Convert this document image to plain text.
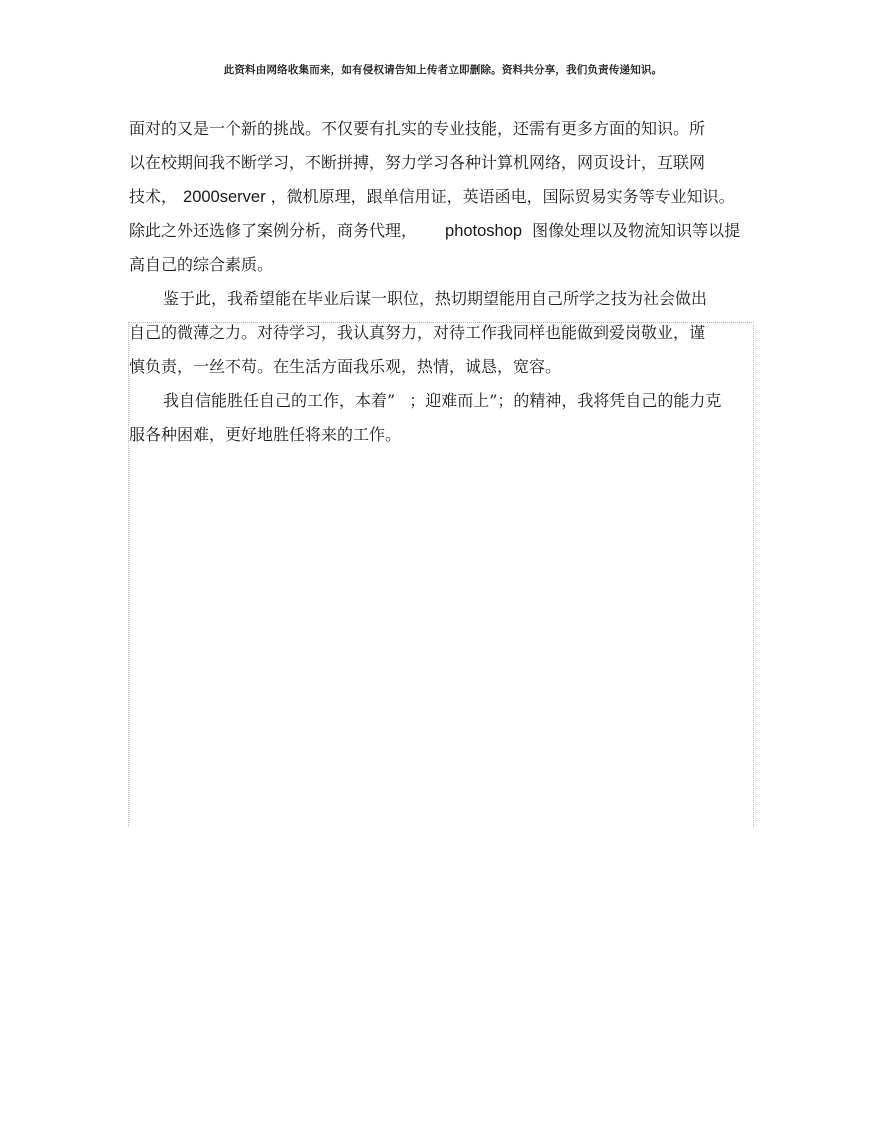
此资料由网络收集而来，如有侵权请告知上传者立即删除。资料共分享，我们负责传递知识。
面对的又是一个新的挑战。不仅要有扎实的专业技能，还需有更多方面的知识。所
以在校期间我不断学习，不断拼搏，努力学习各种计算机网络，网页设计，互联网
技术， 2000server ，微机原理，跟单信用证，英语函电，国际贸易实务等专业知识。
除此之外还选修了案例分析，商务代理， photoshop 图像处理以及物流知识等以提
高自己的综合素质。
鉴于此，我希望能在毕业后谋一职位，热切期望能用自己所学之技为社会做出
自己的微薄之力。对待学习，我认真努力，对待工作我同样也能做到爱岗敬业，谨
慎负责，一丝不苟。在生活方面我乐观，热情，诚恳，宽容。
我自信能胜任自己的工作，本着” ；迎难而上”；的精神，我将凭自己的能力克
服各种困难，更好地胜任将来的工作。
